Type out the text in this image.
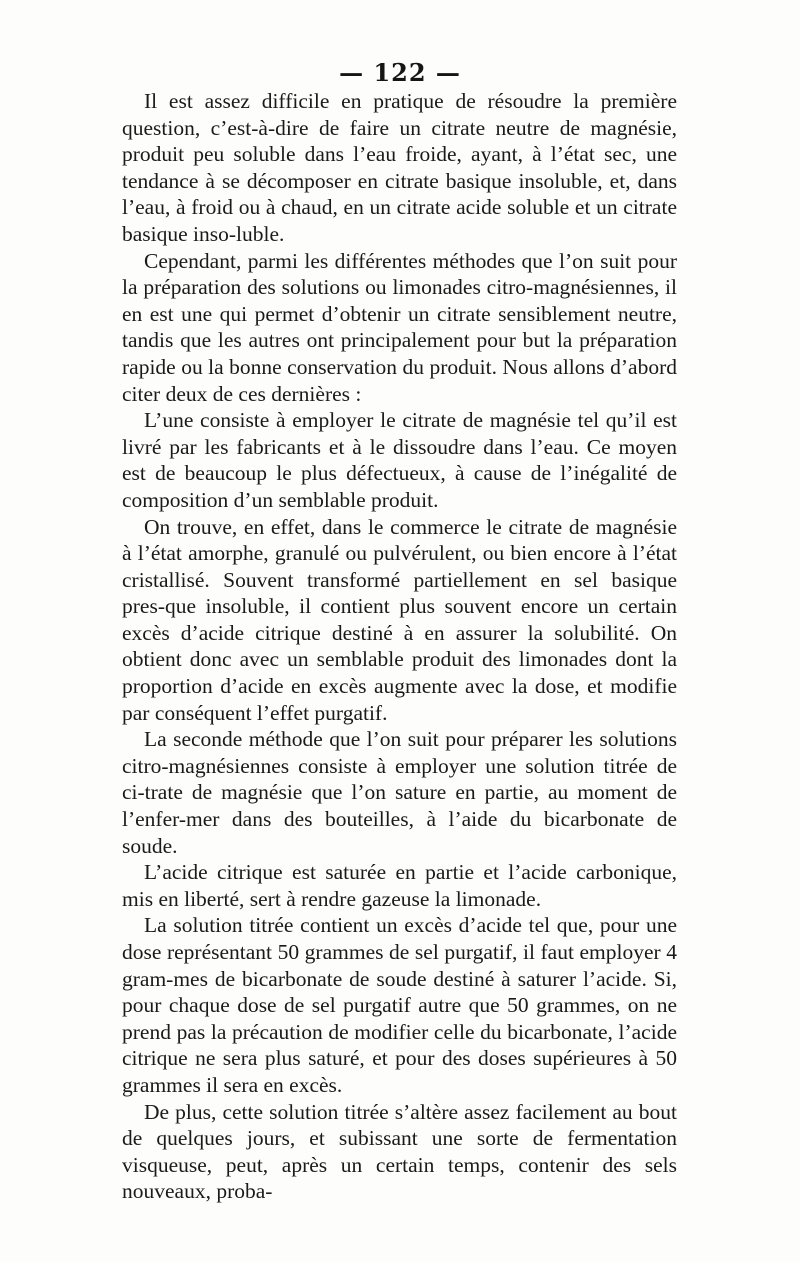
— 122 —

Il est assez difficile en pratique de résoudre la première question, c’est-à-dire de faire un citrate neutre de magnésie, produit peu soluble dans l’eau froide, ayant, à l’état sec, une tendance à se décomposer en citrate basique insoluble, et, dans l’eau, à froid ou à chaud, en un citrate acide soluble et un citrate basique inso-luble.

Cependant, parmi les différentes méthodes que l’on suit pour la préparation des solutions ou limonades citro-magnésiennes, il en est une qui permet d’obtenir un citrate sensiblement neutre, tandis que les autres ont principalement pour but la préparation rapide ou la bonne conservation du produit. Nous allons d’abord citer deux de ces dernières :

L’une consiste à employer le citrate de magnésie tel qu’il est livré par les fabricants et à le dissoudre dans l’eau. Ce moyen est de beaucoup le plus défectueux, à cause de l’inégalité de composition d’un semblable produit.

On trouve, en effet, dans le commerce le citrate de magnésie à l’état amorphe, granulé ou pulvérulent, ou bien encore à l’état cristallisé. Souvent transformé partiellement en sel basique pres-que insoluble, il contient plus souvent encore un certain excès d’acide citrique destiné à en assurer la solubilité. On obtient donc avec un semblable produit des limonades dont la proportion d’acide en excès augmente avec la dose, et modifie par conséquent l’effet purgatif.

La seconde méthode que l’on suit pour préparer les solutions citro-magnésiennes consiste à employer une solution titrée de ci-trate de magnésie que l’on sature en partie, au moment de l’enfer-mer dans des bouteilles, à l’aide du bicarbonate de soude.

L’acide citrique est saturée en partie et l’acide carbonique, mis en liberté, sert à rendre gazeuse la limonade.

La solution titrée contient un excès d’acide tel que, pour une dose représentant 50 grammes de sel purgatif, il faut employer 4 gram-mes de bicarbonate de soude destiné à saturer l’acide. Si, pour chaque dose de sel purgatif autre que 50 grammes, on ne prend pas la précaution de modifier celle du bicarbonate, l’acide citrique ne sera plus saturé, et pour des doses supérieures à 50 grammes il sera en excès.

De plus, cette solution titrée s’altère assez facilement au bout de quelques jours, et subissant une sorte de fermentation visqueuse, peut, après un certain temps, contenir des sels nouveaux, proba-
